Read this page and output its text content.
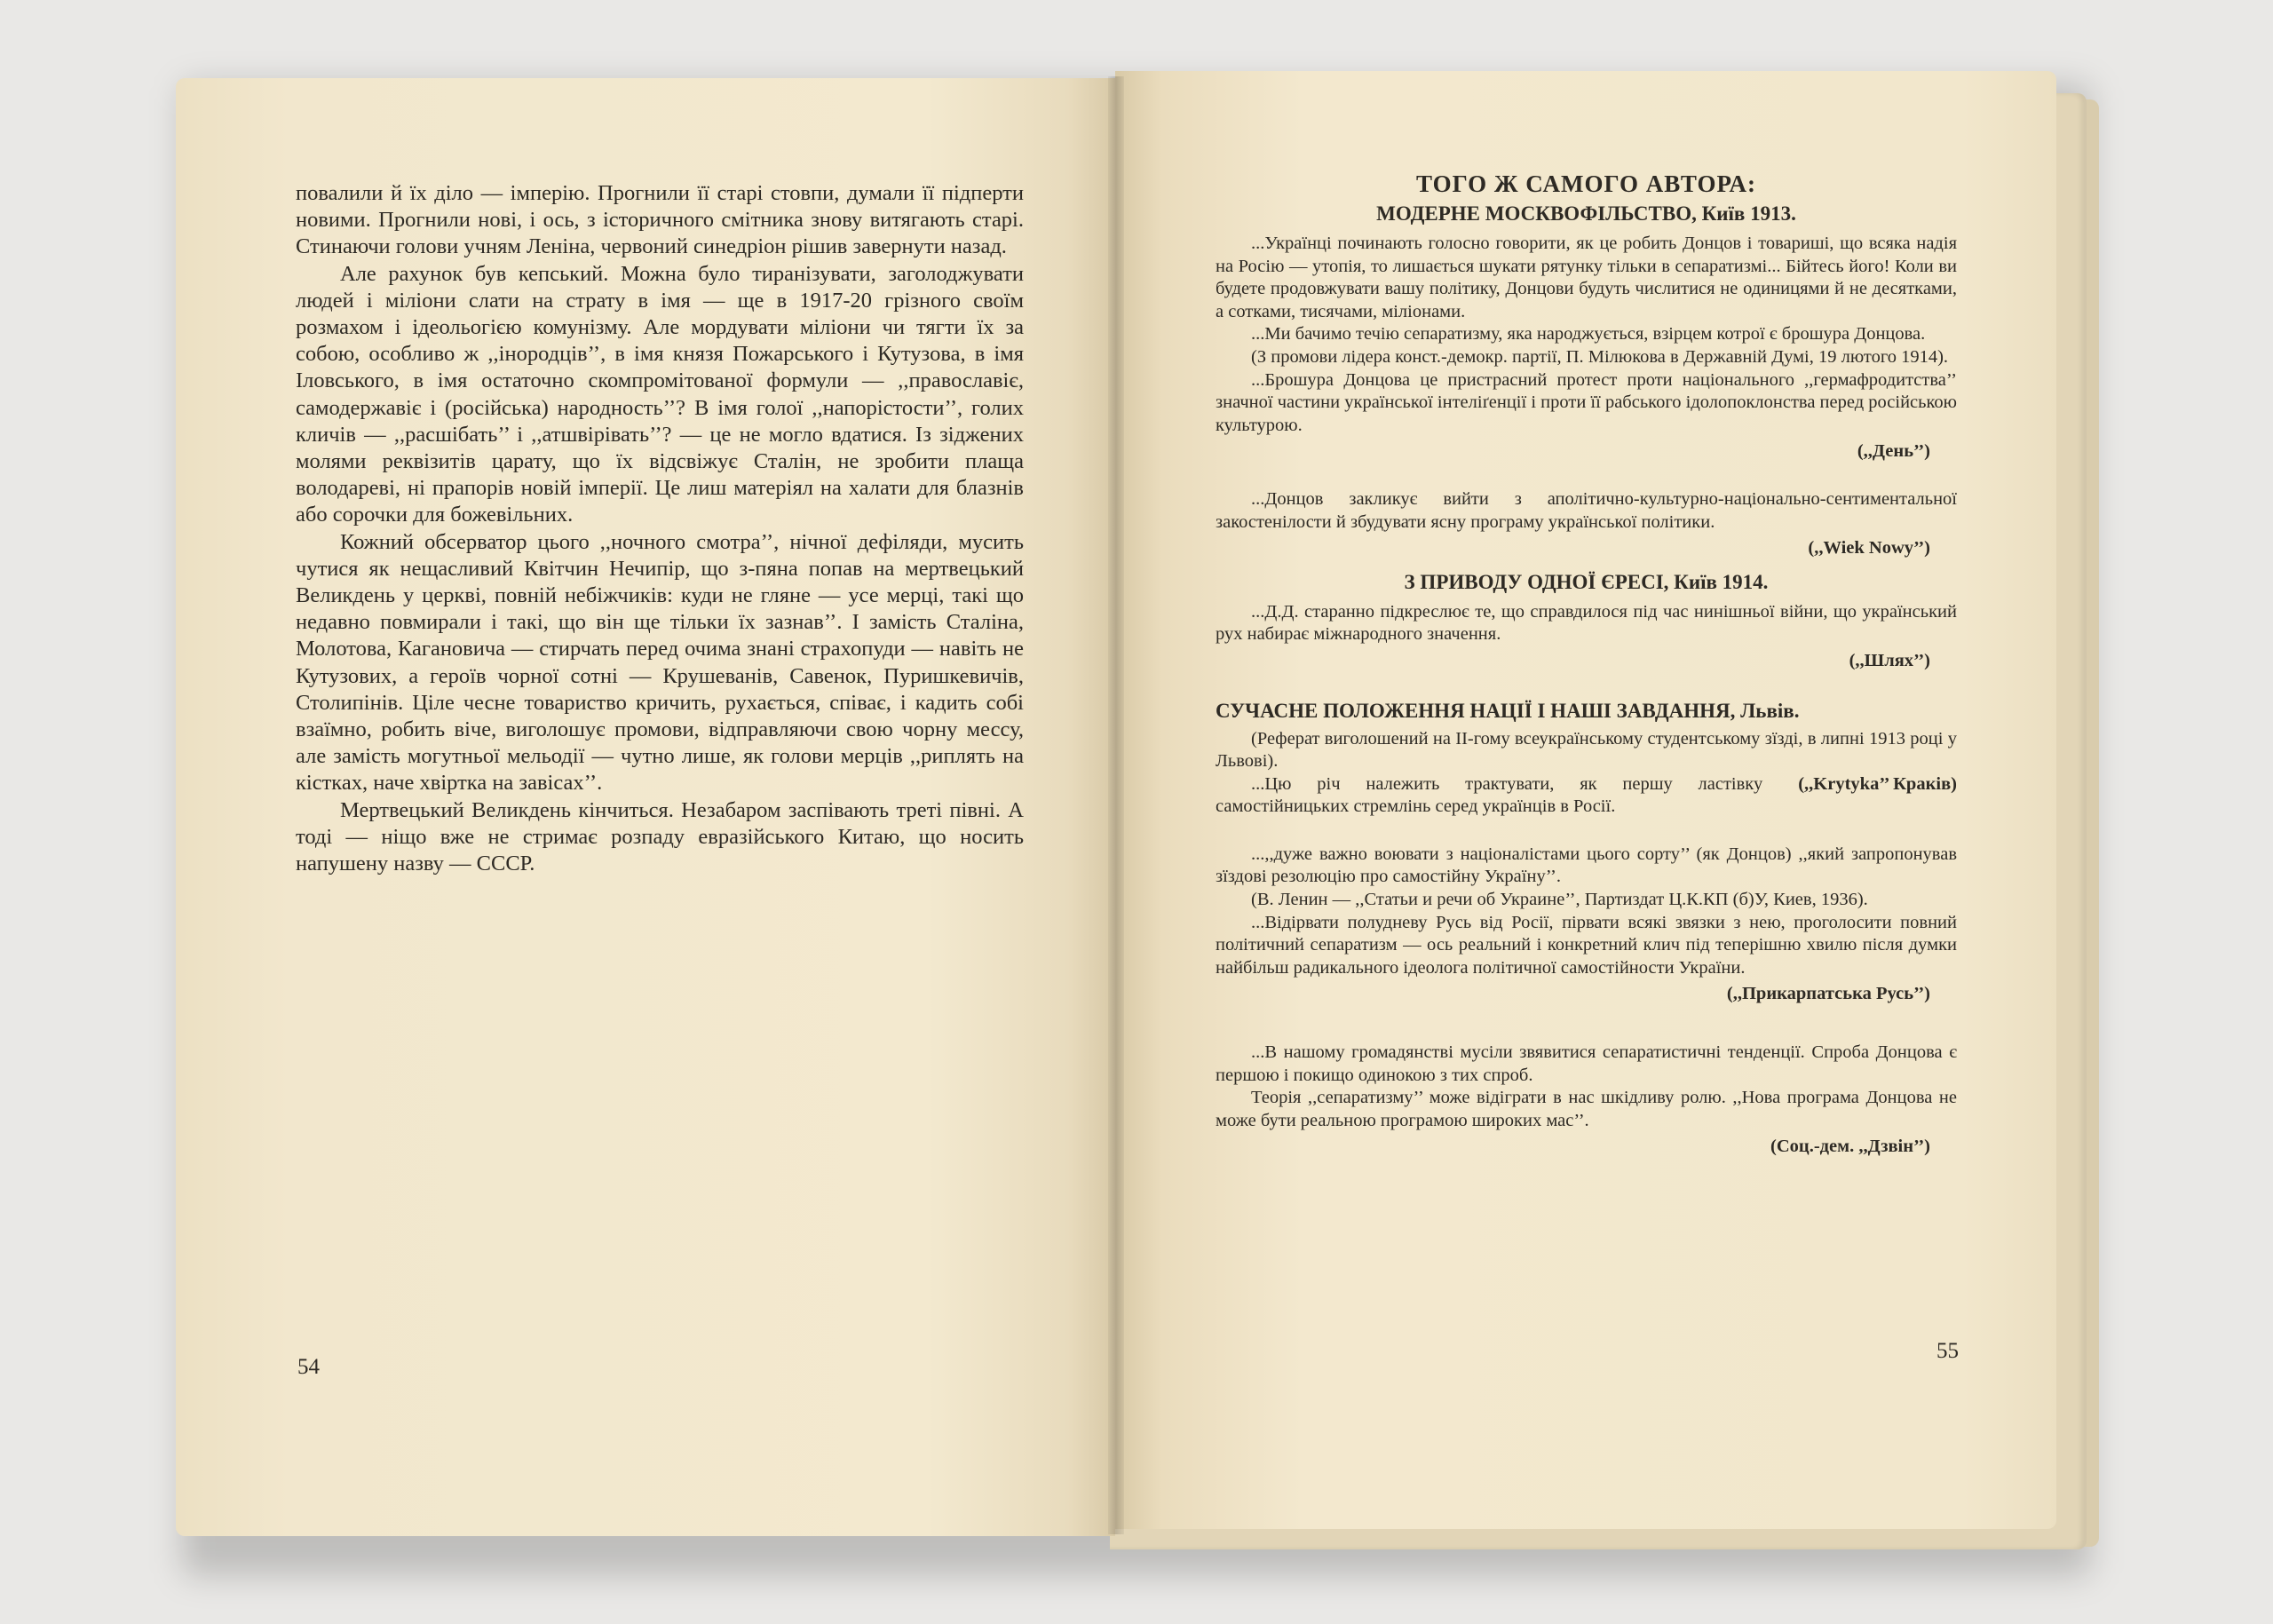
повалили й їх діло — імперію. Прогнили її старі стовпи, думали її підперти новими. Прогнили нові, і ось, з історичного смітника знову витягають старі. Стинаючи голови учням Леніна, червоний синедріон рішив завернути назад.

Але рахунок був кепський. Можна було тиранізувати, заголоджувати людей і міліони слати на страту в імя — ще в 1917-20 грізного своїм розмахом і ідеольогією комунізму. Але мордувати міліони чи тягти їх за собою, особливо ж ,,інородців’’, в імя князя Пожарського і Кутузова, в імя Іловського, в імя остаточно скомпромітованої формули — ,,православіє, самодержавіє і (російська) народность’’? В імя голої ,,напорістости’’, голих кличів — ,,расшібать’’ і ,,атшвірівать’’? — це не могло вдатися. Із зіджених молями реквізитів царату, що їх відсвіжує Сталін, не зробити плаща володареві, ні прапорів новій імперії. Це лиш матеріял на халати для блазнів або сорочки для божевільних.

Кожний обсерватор цього ,,ночного смотра’’, нічної дефіляди, мусить чутися як нещасливий Квітчин Нечипір, що з-пяна попав на мертвецький Великдень у церкві, повній небіжчиків: куди не гляне — усе мерці, такі що недавно повмирали і такі, що він ще тільки їх зазнав’’. І замість Сталіна, Молотова, Кагановича — стирчать перед очима знані страхопуди — навіть не Кутузових, а героїв чорної сотні — Крушеванів, Савенок, Пуришкевичів, Столипінів. Ціле чесне товариство кричить, рухається, співає, і кадить собі взаїмно, робить віче, виголошує промови, відправляючи свою чорну мессу, але замість могутньої мельодії — чутно лише, як голови мерців ,,риплять на кістках, наче хвіртка на завісах’’.

Мертвецький Великдень кінчиться. Незабаром заспівають треті півні. А тоді — ніщо вже не стримає розпаду евразійського Китаю, що носить напушену назву — СССР.

54
ТОГО Ж САМОГО АВТОРА:
МОДЕРНЕ МОСКВОФІЛЬСТВО, Київ 1913.

...Українці починають голосно говорити, як це робить Донцов і товариші, що всяка надія на Росію — утопія, то лишається шукати рятунку тільки в сепаратизмі... Бійтесь його! Коли ви будете продовжувати вашу політику, Донцови будуть числитися не одиницями й не десятками, а сотками, тисячами, міліонами.

...Ми бачимо течію сепаратизму, яка народжується, взірцем котрої є брошура Донцова.

(З промови лідера конст.-демокр. партії, П. Мілюкова в Державній Думі, 19 лютого 1914).

...Брошура Донцова це пристрасний протест проти національного ,,гермафродитства’’ значної частини української інтеліґенції і проти її рабського ідолопоклонства перед російською культурою.

(,,День’’)

...Донцов закликує вийти з аполітично-культурно-національно-сентиментальної закостенілости й збудувати ясну програму української політики.

(,,Wiek Nowy’’)
З ПРИВОДУ ОДНОЇ ЄРЕСІ, Київ 1914.

...Д.Д. старанно підкреслює те, що справдилося під час нинішньої війни, що український рух набирає міжнародного значення.

(,,Шлях’’)
СУЧАСНЕ ПОЛОЖЕННЯ НАЦІЇ І НАШІ ЗАВДАННЯ, Львів.

(Реферат виголошений на II-гому всеукраїнському студентському зїзді, в липні 1913 році у Львові).

...Цю річ належить трактувати, як першу ластівку самостійницьких стремлінь серед українців в Росії.

(,,Krytyka’’ Краків)

...,,дуже важно воювати з націоналістами цього сорту’’ (як Донцов) ,,який запропонував зїздові резолюцію про самостійну Україну’’.

(В. Ленин — ,,Статьи и речи об Украине’’, Партиздат Ц.К.КП (б)У, Киев, 1936).

...Відірвати полудневу Русь від Росії, пірвати всякі звязки з нею, проголосити повний політичний сепаратизм — ось реальний і конкретний клич під теперішню хвилю після думки найбільш радикального ідеолога політичної самостійности України.

(,,Прикарпатська Русь’’)

...В нашому громадянстві мусіли звявитися сепаратистичні тенденції. Спроба Донцова є першою і покищо одинокою з тих спроб.

Теорія ,,сепаратизму’’ може відіграти в нас шкідливу ролю. ,,Нова програма Донцова не може бути реальною програмою широких мас’’.

(Соц.-дем. ,,Дзвін’’)
55
